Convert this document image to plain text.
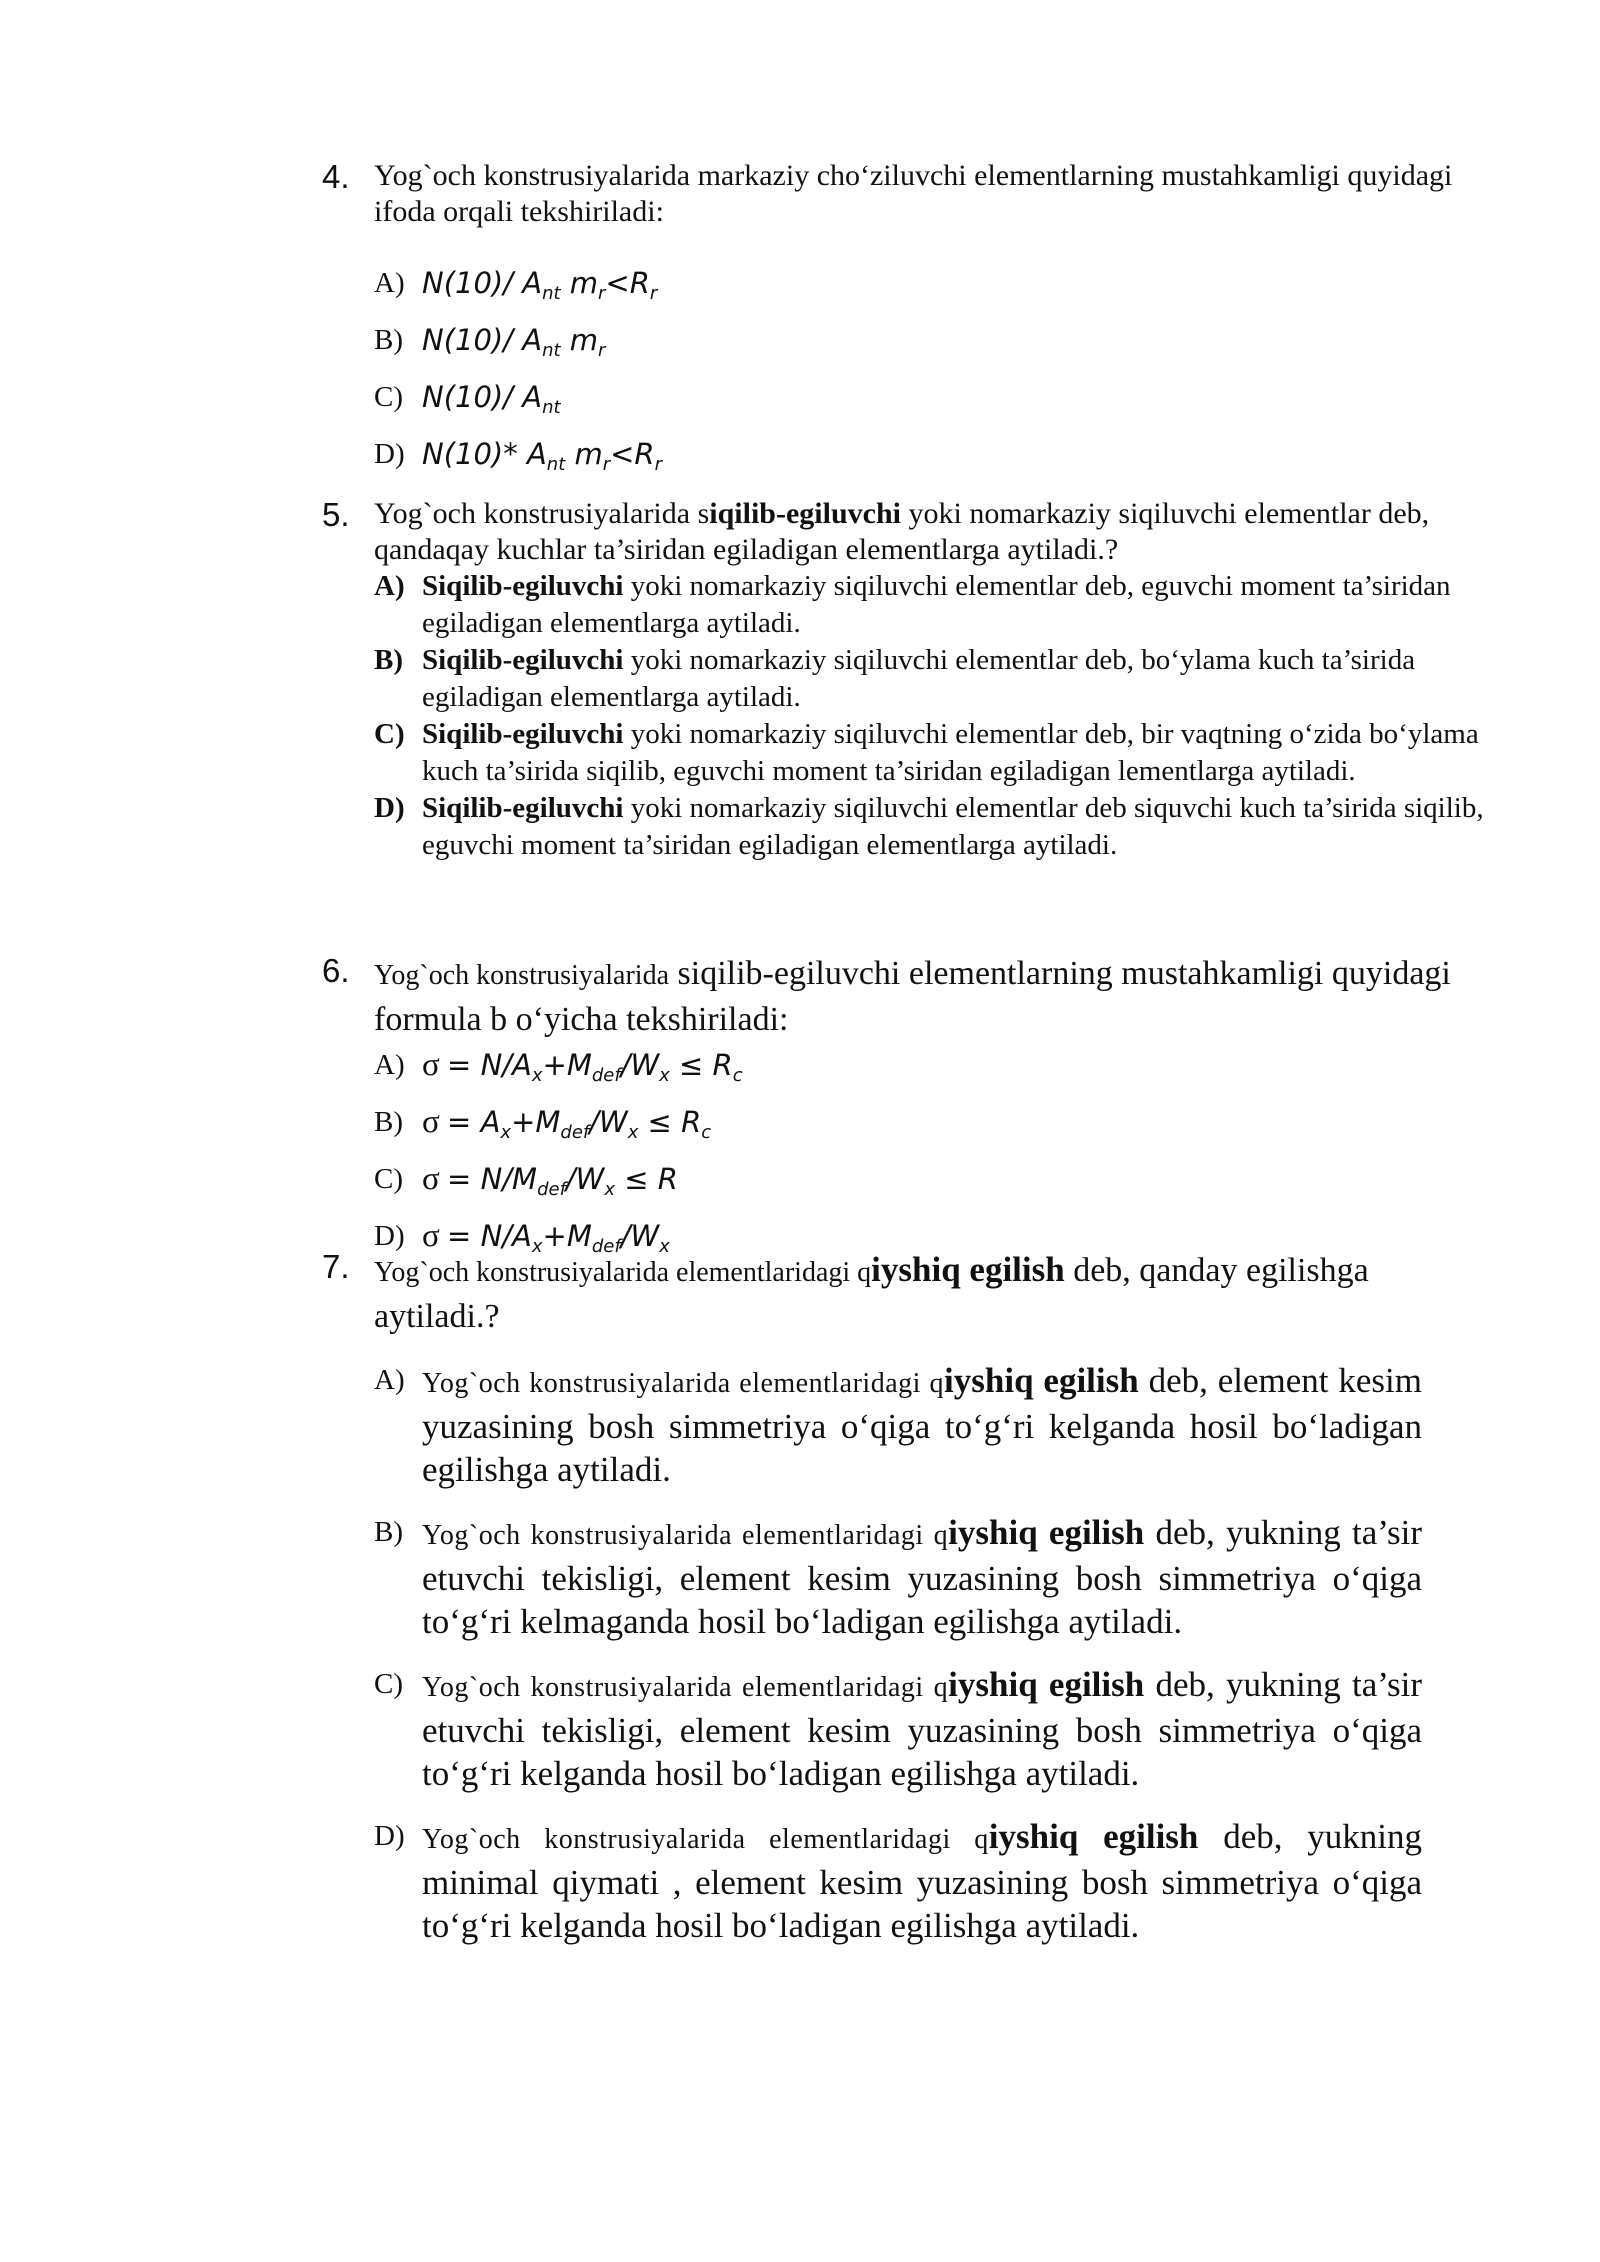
4. Yog`och konstrusiyalarida markaziy cho‘ziluvchi elementlarning mustahkamligi quyidagi ifoda orqali tekshiriladi:
A) N(10)/ $A_{nt}$ $m_r<R_r$
B) N(10)/ $A_{nt}$ $m_r$
C) N(10)/ $A_{nt}$
D) N(10)* $A_{nt}$ $m_r<R_r$
5. Yog`och konstrusiyalarida siqilib-egiluvchi yoki nomarkaziy siqiluvchi elementlar deb, qandaqay kuchlar ta’siridan egiladigan elementlarga aytiladi.?
A) Siqilib-egiluvchi yoki nomarkaziy siqiluvchi elementlar deb, eguvchi moment ta’siridan egiladigan elementlarga aytiladi.
B) Siqilib-egiluvchi yoki nomarkaziy siqiluvchi elementlar deb, bo‘ylama kuch ta’sirida egiladigan elementlarga aytiladi.
C) Siqilib-egiluvchi yoki nomarkaziy siqiluvchi elementlar deb, bir vaqtning o‘zida bo‘ylama kuch ta’sirida siqilib, eguvchi moment ta’siridan egiladigan lementlarga aytiladi.
D) Siqilib-egiluvchi yoki nomarkaziy siqiluvchi elementlar deb siquvchi kuch ta’sirida siqilib, eguvchi moment ta’siridan egiladigan elementlarga aytiladi.
6. Yog`och konstrusiyalarida siqilib-egiluvchi elementlarning mustahkamligi quyidagi formula b o‘yicha tekshiriladi:
A) $\sigma = N/A_x+M_{def}/W_x \le R_c$
B) $\sigma = A_x+M_{def}/W_x \le R_c$
C) $\sigma = N/M_{def}/W_x \le R$
D) $\sigma = N/A_x+M_{def}/W_x$
7. Yog`och konstrusiyalarida elementlaridagi qiyshiq egilish deb, qanday egilishga aytiladi.?
A) Yog`och konstrusiyalarida elementlaridagi qiyshiq egilish deb, element kesim yuzasining bosh simmetriya o‘qiga to‘g‘ri kelganda hosil bo‘ladigan egilishga aytiladi.
B) Yog`och konstrusiyalarida elementlaridagi qiyshiq egilish deb, yukning ta’sir etuvchi tekisligi, element kesim yuzasining bosh simmetriya o‘qiga to‘g‘ri kelmaganda hosil bo‘ladigan egilishga aytiladi.
C) Yog`och konstrusiyalarida elementlaridagi qiyshiq egilish deb, yukning ta’sir etuvchi tekisligi, element kesim yuzasining bosh simmetriya o‘qiga to‘g‘ri kelganda hosil bo‘ladigan egilishga aytiladi.
D) Yog`och konstrusiyalarida elementlaridagi qiyshiq egilish deb, yukning minimal qiymati , element kesim yuzasining bosh simmetriya o‘qiga to‘g‘ri kelganda hosil bo‘ladigan egilishga aytiladi.
